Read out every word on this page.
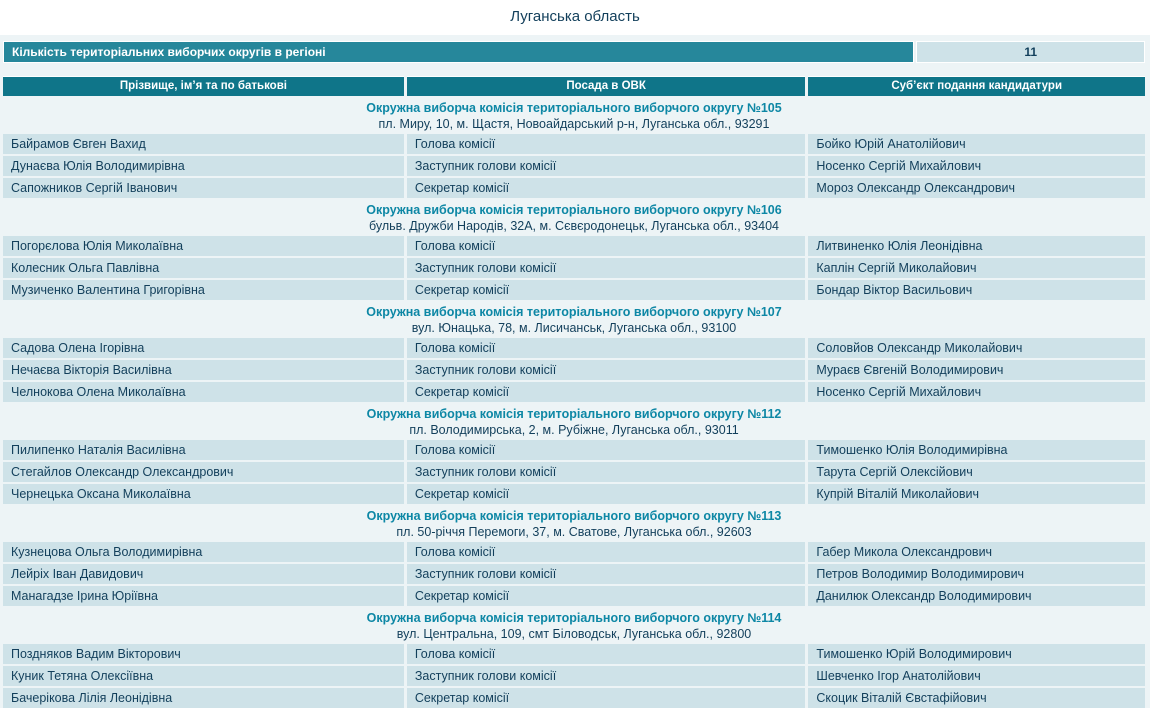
Луганська область
Кількість територіальних виборчих округів в регіоні	11
Прізвище, ім’я та по батькові	Посада в ОВК	Суб’єкт подання кандидатури
Окружна виборча комісія територіального виборчого округу №105
пл. Миру, 10, м. Щастя, Новоайдарський р-н, Луганська обл., 93291
Байрамов Євген Вахид	Голова комісії	Бойко Юрій Анатолійович
Дунаєва Юлія Володимирівна	Заступник голови комісії	Носенко Сергій Михайлович
Сапожников Сергій Іванович	Секретар комісії	Мороз Олександр Олександрович
Окружна виборча комісія територіального виборчого округу №106
бульв. Дружби Народів, 32А, м. Сєвєродонецьк, Луганська обл., 93404
Погорєлова Юлія Миколаївна	Голова комісії	Литвиненко Юлія Леонідівна
Колесник Ольга Павлівна	Заступник голови комісії	Каплін Сергій Миколайович
Музиченко Валентина Григорівна	Секретар комісії	Бондар Віктор Васильович
Окружна виборча комісія територіального виборчого округу №107
вул. Юнацька, 78, м. Лисичанськ, Луганська обл., 93100
Садова Олена Ігорівна	Голова комісії	Соловйов Олександр Миколайович
Нечаєва Вікторія Василівна	Заступник голови комісії	Мураєв Євгеній Володимирович
Челнокова Олена Миколаївна	Секретар комісії	Носенко Сергій Михайлович
Окружна виборча комісія територіального виборчого округу №112
пл. Володимирська, 2, м. Рубіжне, Луганська обл., 93011
Пилипенко Наталія Василівна	Голова комісії	Тимошенко Юлія Володимирівна
Стегайлов Олександр Олександрович	Заступник голови комісії	Тарута Сергій Олексійович
Чернецька Оксана Миколаївна	Секретар комісії	Купрій Віталій Миколайович
Окружна виборча комісія територіального виборчого округу №113
пл. 50-річчя Перемоги, 37, м. Сватове, Луганська обл., 92603
Кузнецова Ольга Володимирівна	Голова комісії	Габер Микола Олександрович
Лейріх Іван Давидович	Заступник голови комісії	Петров Володимир Володимирович
Манагадзе Ірина Юріївна	Секретар комісії	Данилюк Олександр Володимирович
Окружна виборча комісія територіального виборчого округу №114
вул. Центральна, 109, смт Біловодськ, Луганська обл., 92800
Поздняков Вадим Вікторович	Голова комісії	Тимошенко Юрій Володимирович
Куник Тетяна Олексіївна	Заступник голови комісії	Шевченко Ігор Анатолійович
Бачерікова Лілія Леонідівна	Секретар комісії	Скоцик Віталій Євстафійович
